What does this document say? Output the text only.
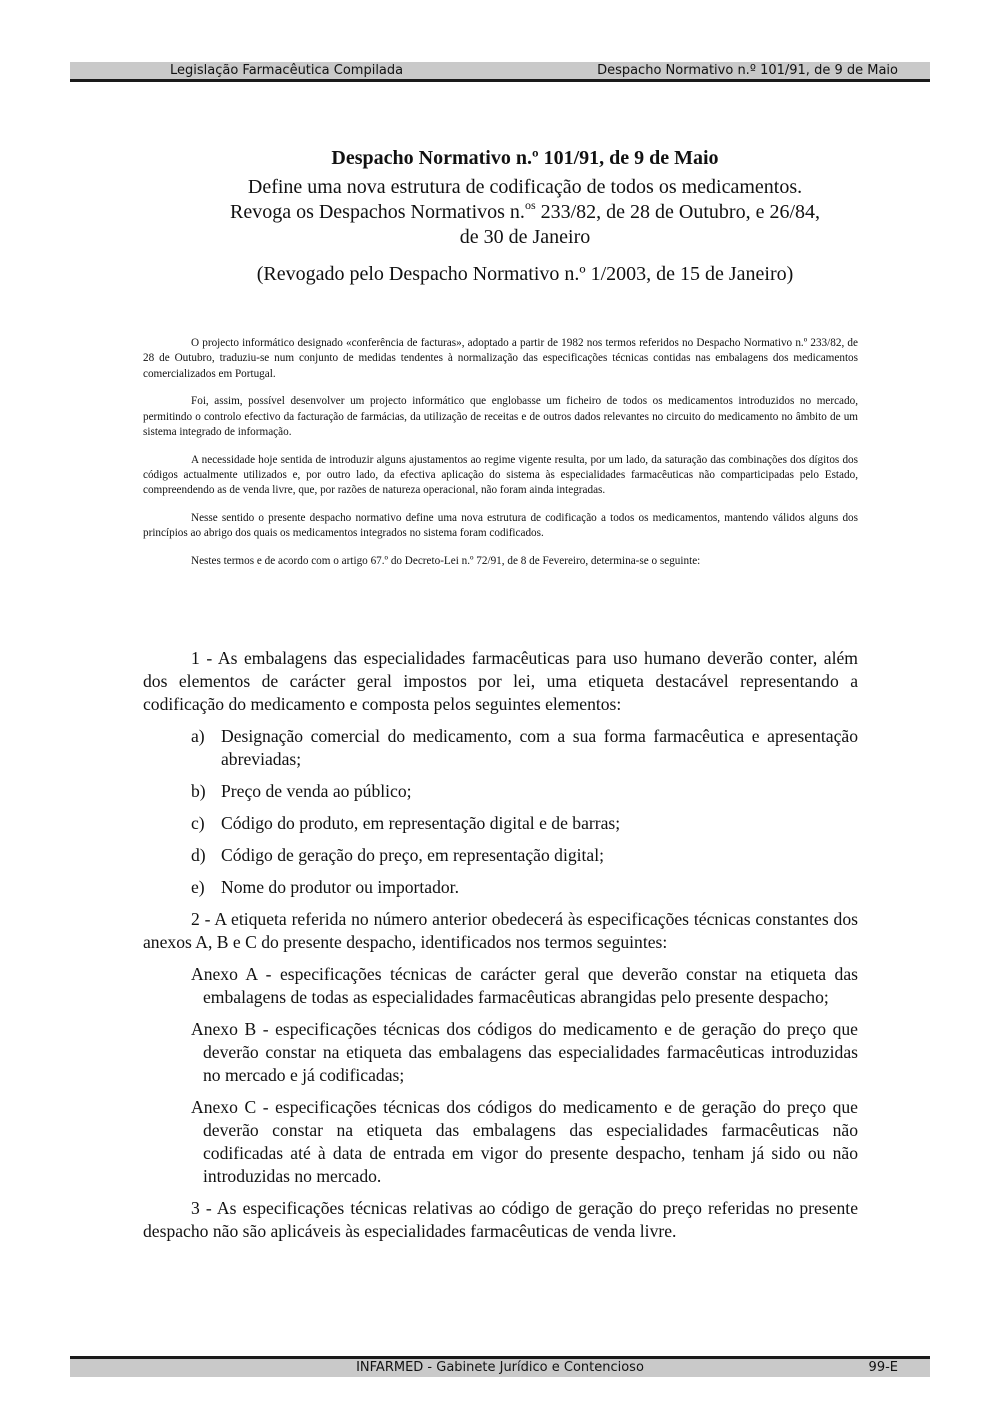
Legislação Farmacêutica Compilada	Despacho Normativo n.º 101/91, de 9 de Maio
Despacho Normativo n.º 101/91, de 9 de Maio
Define uma nova estrutura de codificação de todos os medicamentos.
Revoga os Despachos Normativos n.$^{os}$ 233/82, de 28 de Outubro, e 26/84,
de 30 de Janeiro
(Revogado pelo Despacho Normativo n.º 1/2003, de 15 de Janeiro)

O projecto informático designado «conferência de facturas», adoptado a partir de 1982 nos termos referidos no Despacho Normativo n.º 233/82, de 28 de Outubro, traduziu-se num conjunto de medidas tendentes à normalização das especificações técnicas contidas nas embalagens dos medicamentos comercializados em Portugal.

Foi, assim, possível desenvolver um projecto informático que englobasse um ficheiro de todos os medicamentos introduzidos no mercado, permitindo o controlo efectivo da facturação de farmácias, da utilização de receitas e de outros dados relevantes no circuito do medicamento no âmbito de um sistema integrado de informação.

A necessidade hoje sentida de introduzir alguns ajustamentos ao regime vigente resulta, por um lado, da saturação das combinações dos dígitos dos códigos actualmente utilizados e, por outro lado, da efectiva aplicação do sistema às especialidades farmacêuticas não comparticipadas pelo Estado, compreendendo as de venda livre, que, por razões de natureza operacional, não foram ainda integradas.

Nesse sentido o presente despacho normativo define uma nova estrutura de codificação a todos os medicamentos, mantendo válidos alguns dos princípios ao abrigo dos quais os medicamentos integrados no sistema foram codificados.

Nestes termos e de acordo com o artigo 67.º do Decreto-Lei n.º 72/91, de 8 de Fevereiro, determina-se o seguinte:

1 - As embalagens das especialidades farmacêuticas para uso humano deverão conter, além dos elementos de carácter geral impostos por lei, uma etiqueta destacável representando a codificação do medicamento e composta pelos seguintes elementos:

a) Designação comercial do medicamento, com a sua forma farmacêutica e apresentação abreviadas;
b) Preço de venda ao público;
c) Código do produto, em representação digital e de barras;
d) Código de geração do preço, em representação digital;
e) Nome do produtor ou importador.

2 - A etiqueta referida no número anterior obedecerá às especificações técnicas constantes dos anexos A, B e C do presente despacho, identificados nos termos seguintes:

Anexo A - especificações técnicas de carácter geral que deverão constar na etiqueta das embalagens de todas as especialidades farmacêuticas abrangidas pelo presente despacho;
Anexo B - especificações técnicas dos códigos do medicamento e de geração do preço que deverão constar na etiqueta das embalagens das especialidades farmacêuticas introduzidas no mercado e já codificadas;
Anexo C - especificações técnicas dos códigos do medicamento e de geração do preço que deverão constar na etiqueta das embalagens das especialidades farmacêuticas não codificadas até à data de entrada em vigor do presente despacho, tenham já sido ou não introduzidas no mercado.

3 - As especificações técnicas relativas ao código de geração do preço referidas no presente despacho não são aplicáveis às especialidades farmacêuticas de venda livre.

INFARMED - Gabinete Jurídico e Contencioso	99-E
